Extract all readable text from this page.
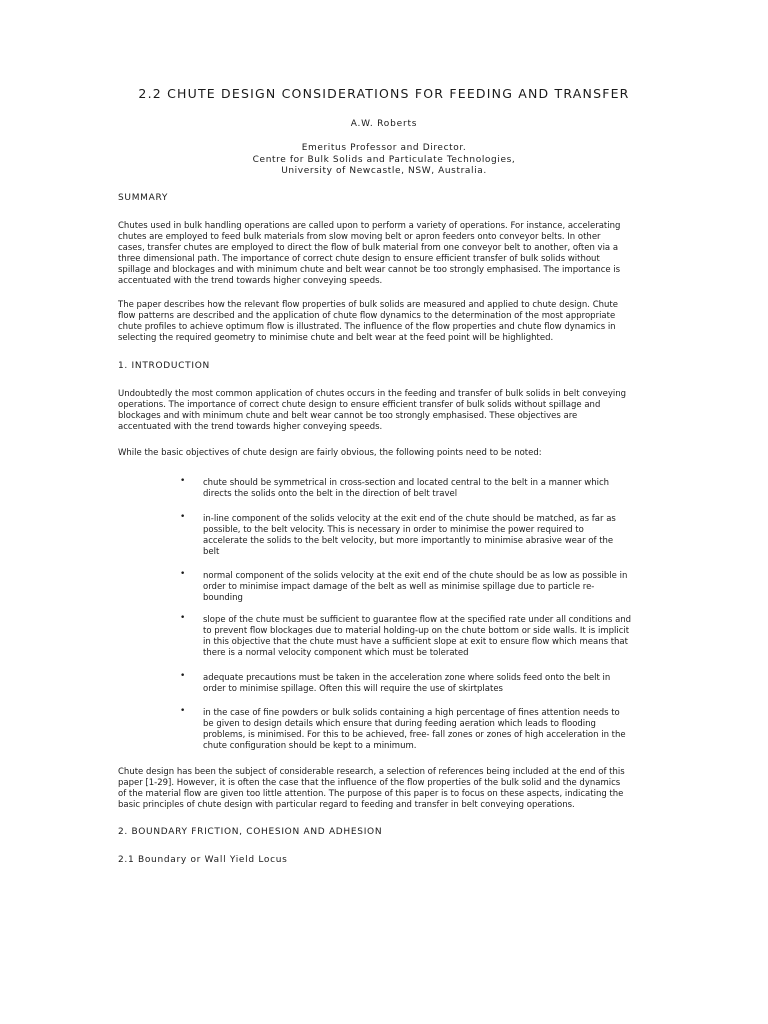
2.2 CHUTE DESIGN CONSIDERATIONS FOR FEEDING AND TRANSFER
A.W. Roberts
Emeritus Professor and Director.
Centre for Bulk Solids and Particulate Technologies,
University of Newcastle, NSW, Australia.
SUMMARY
Chutes used in bulk handling operations are called upon to perform a variety of operations. For instance, accelerating
chutes are employed to feed bulk materials from slow moving belt or apron feeders onto conveyor belts. In other
cases, transfer chutes are employed to direct the flow of bulk material from one conveyor belt to another, often via a
three dimensional path. The importance of correct chute design to ensure efficient transfer of bulk solids without
spillage and blockages and with minimum chute and belt wear cannot be too strongly emphasised. The importance is
accentuated with the trend towards higher conveying speeds.
The paper describes how the relevant flow properties of bulk solids are measured and applied to chute design. Chute
flow patterns are described and the application of chute flow dynamics to the determination of the most appropriate
chute profiles to achieve optimum flow is illustrated. The influence of the flow properties and chute flow dynamics in
selecting the required geometry to minimise chute and belt wear at the feed point will be highlighted.
1. INTRODUCTION
Undoubtedly the most common application of chutes occurs in the feeding and transfer of bulk solids in belt conveying
operations. The importance of correct chute design to ensure efficient transfer of bulk solids without spillage and
blockages and with minimum chute and belt wear cannot be too strongly emphasised. These objectives are
accentuated with the trend towards higher conveying speeds.
While the basic objectives of chute design are fairly obvious, the following points need to be noted:
• chute should be symmetrical in cross-section and located central to the belt in a manner which
directs the solids onto the belt in the direction of belt travel
• in-line component of the solids velocity at the exit end of the chute should be matched, as far as
possible, to the belt velocity. This is necessary in order to minimise the power required to
accelerate the solids to the belt velocity, but more importantly to minimise abrasive wear of the
belt
• normal component of the solids velocity at the exit end of the chute should be as low as possible in
order to minimise impact damage of the belt as well as minimise spillage due to particle re-
bounding
• slope of the chute must be sufficient to guarantee flow at the specified rate under all conditions and
to prevent flow blockages due to material holding-up on the chute bottom or side walls. It is implicit
in this objective that the chute must have a sufficient slope at exit to ensure flow which means that
there is a normal velocity component which must be tolerated
• adequate precautions must be taken in the acceleration zone where solids feed onto the belt in
order to minimise spillage. Often this will require the use of skirtplates
• in the case of fine powders or bulk solids containing a high percentage of fines attention needs to
be given to design details which ensure that during feeding aeration which leads to flooding
problems, is minimised. For this to be achieved, free- fall zones or zones of high acceleration in the
chute configuration should be kept to a minimum.
Chute design has been the subject of considerable research, a selection of references being included at the end of this
paper [1-29]. However, it is often the case that the influence of the flow properties of the bulk solid and the dynamics
of the material flow are given too little attention. The purpose of this paper is to focus on these aspects, indicating the
basic principles of chute design with particular regard to feeding and transfer in belt conveying operations.
2. BOUNDARY FRICTION, COHESION AND ADHESION
2.1 Boundary or Wall Yield Locus
